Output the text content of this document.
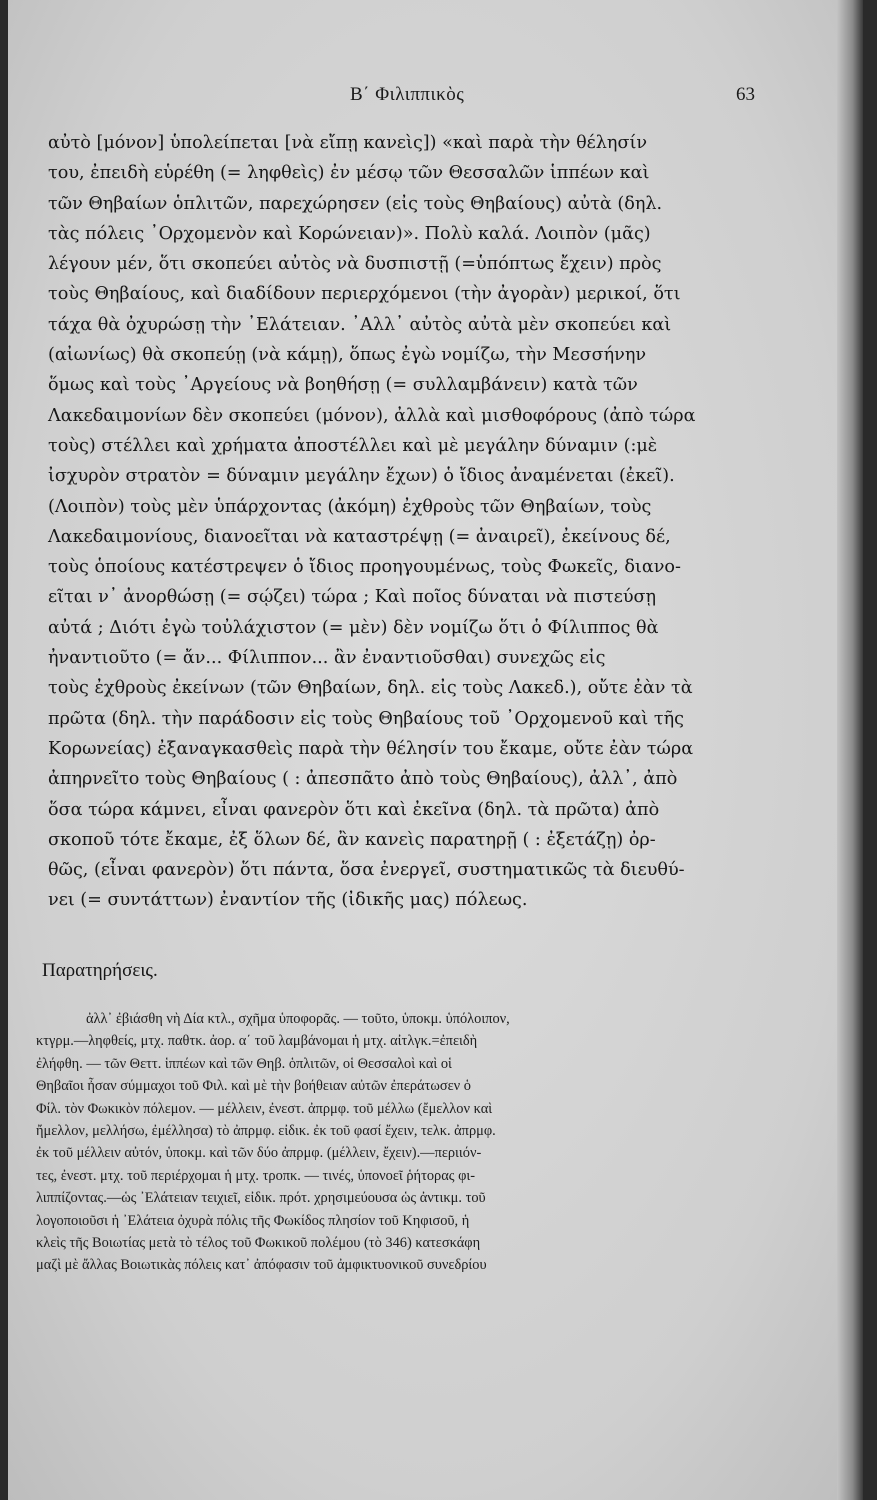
Β΄ Φιλιππικὸς	63

αὐτὸ [μόνον] ὑπολείπεται [νὰ εἴπῃ κανεὶς]) «καὶ παρὰ τὴν θέλησίν

του, ἐπειδὴ εὑρέθη (= ληφθεὶς) ἐν μέσῳ τῶν Θεσσαλῶν ἱππέων καὶ

τῶν Θηβαίων ὁπλιτῶν, παρεχώρησεν (εἰς τοὺς Θηβαίους) αὐτὰ (δηλ.

τὰς πόλεις ᾿Ορχομενὸν καὶ Κορώνειαν)». Πολὺ καλά. Λοιπὸν (μᾶς)

λέγουν μέν, ὅτι σκοπεύει αὐτὸς νὰ δυσπιστῇ (=ὑπόπτως ἔχειν) πρὸς

τοὺς Θηβαίους, καὶ διαδίδουν περιερχόμενοι (τὴν ἀγορὰν) μερικοί, ὅτι

τάχα θὰ ὀχυρώσῃ τὴν ᾿Ελάτειαν. ᾿Αλλ᾿ αὐτὸς αὐτὰ μὲν σκοπεύει καὶ

(αἰωνίως) θὰ σκοπεύῃ (νὰ κάμῃ), ὅπως ἐγὼ νομίζω, τὴν Μεσσήνην

ὅμως καὶ τοὺς ᾿Αργείους νὰ βοηθήσῃ (= συλλαμβάνειν) κατὰ τῶν

Λακεδαιμονίων δὲν σκοπεύει (μόνον), ἀλλὰ καὶ μισθοφόρους (ἀπὸ τώρα

τοὺς) στέλλει καὶ χρήματα ἀποστέλλει καὶ μὲ μεγάλην δύναμιν (:μὲ

ἰσχυρὸν στρατὸν = δύναμιν μεγάλην ἔχων) ὁ ἴδιος ἀναμένεται (ἐκεῖ).

(Λοιπὸν) τοὺς μὲν ὑπάρχοντας (ἀκόμη) ἐχθροὺς τῶν Θηβαίων, τοὺς

Λακεδαιμονίους, διανοεῖται νὰ καταστρέψῃ (= ἀναιρεῖ), ἐκείνους δέ,

τοὺς ὁποίους κατέστρεψεν ὁ ἴδιος προηγουμένως, τοὺς Φωκεῖς, διανο-

εῖται ν᾿ ἀνορθώσῃ (= σῴζει) τώρα ; Καὶ ποῖος δύναται νὰ πιστεύσῃ

αὐτά ; Διότι ἐγὼ τοὐλάχιστον (= μὲν) δὲν νομίζω ὅτι ὁ Φίλιππος θὰ

ἠναντιοῦτο (= ἄν... Φίλιππον... ἂν ἐναντιοῦσθαι) συνεχῶς εἰς

τοὺς ἐχθροὺς ἐκείνων (τῶν Θηβαίων, δηλ. εἰς τοὺς Λακεδ.), οὔτε ἐὰν τὰ

πρῶτα (δηλ. τὴν παράδοσιν εἰς τοὺς Θηβαίους τοῦ ᾿Ορχομενοῦ καὶ τῆς

Κορωνείας) ἐξαναγκασθεὶς παρὰ τὴν θέλησίν του ἔκαμε, οὔτε ἐὰν τώρα

ἀπηρνεῖτο τοὺς Θηβαίους ( : ἀπεσπᾶτο ἀπὸ τοὺς Θηβαίους), ἀλλ᾿, ἀπὸ

ὅσα τώρα κάμνει, εἶναι φανερὸν ὅτι καὶ ἐκεῖνα (δηλ. τὰ πρῶτα) ἀπὸ

σκοποῦ τότε ἔκαμε, ἐξ ὅλων δέ, ἂν κανεὶς παρατηρῇ ( : ἐξετάζῃ) ὀρ-

θῶς, (εἶναι φανερὸν) ὅτι πάντα, ὅσα ἐνεργεῖ, συστηματικῶς τὰ διευθύ-

νει (= συντάττων) ἐναντίον τῆς (ἰδικῆς μας) πόλεως.

Παρατηρήσεις.

ἀλλ᾿ ἐβιάσθη νὴ Δία κτλ., σχῆμα ὑποφορᾶς. — τοῦτο, ὑποκμ. ὑπόλοιπον,

κτγρμ.—ληφθείς, μτχ. παθτκ. ἀορ. α΄ τοῦ λαμβάνομαι ἡ μτχ. αἰτλγκ.=ἐπειδὴ

ἐλήφθη. — τῶν Θεττ. ἱππέων καὶ τῶν Θηβ. ὁπλιτῶν, οἱ Θεσσαλοὶ καὶ οἱ

Θηβαῖοι ἦσαν σύμμαχοι τοῦ Φιλ. καὶ μὲ τὴν βοήθειαν αὐτῶν ἐπεράτωσεν ὁ

Φίλ. τὸν Φωκικὸν πόλεμον. — μέλλειν, ἐνεστ. ἀπρμφ. τοῦ μέλλω (ἔμελλον καὶ

ἤμελλον, μελλήσω, ἐμέλλησα) τὸ ἀπρμφ. εἰδικ. ἐκ τοῦ φασί ἔχειν, τελκ. ἀπρμφ.

ἐκ τοῦ μέλλειν αὐτόν, ὑποκμ. καὶ τῶν δύο ἀπρμφ. (μέλλειν, ἔχειν).—περιιόν-

τες, ἐνεστ. μτχ. τοῦ περιέρχομαι ἡ μτχ. τροπκ. — τινές, ὑπονοεῖ ῥήτορας φι-

λιππίζοντας.—ὡς ᾿Ελάτειαν τειχιεῖ, εἰδικ. πρότ. χρησιμεύουσα ὡς ἀντικμ. τοῦ

λογοποιοῦσι ἡ ᾿Ελάτεια ὀχυρὰ πόλις τῆς Φωκίδος πλησίον τοῦ Κηφισοῦ, ἡ

κλεὶς τῆς Βοιωτίας μετὰ τὸ τέλος τοῦ Φωκικοῦ πολέμου (τὸ 346) κατεσκάφη

μαζὶ μὲ ἄλλας Βοιωτικὰς πόλεις κατ᾿ ἀπόφασιν τοῦ ἀμφικτυονικοῦ συνεδρίου
